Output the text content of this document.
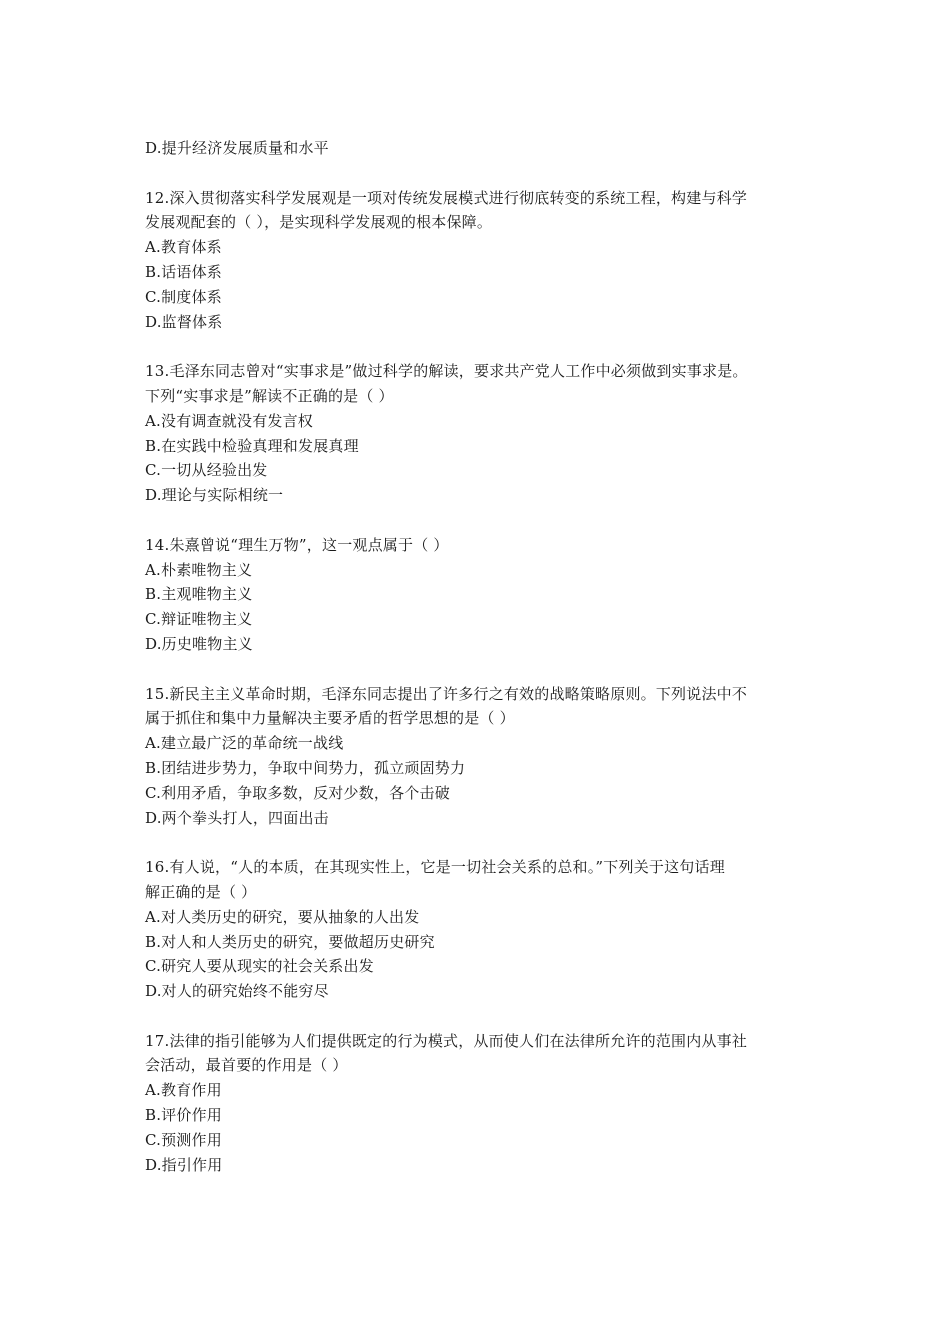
D.提升经济发展质量和水平
12.深入贯彻落实科学发展观是一项对传统发展模式进行彻底转变的系统工程，构建与科学
发展观配套的（ ），是实现科学发展观的根本保障。
A.教育体系
B.话语体系
C.制度体系
D.监督体系
13.毛泽东同志曾对“实事求是”做过科学的解读，要求共产党人工作中必须做到实事求是。
下列“实事求是”解读不正确的是（ ）
A.没有调查就没有发言权
B.在实践中检验真理和发展真理
C.一切从经验出发
D.理论与实际相统一
14.朱熹曾说“理生万物”，这一观点属于（ ）
A.朴素唯物主义
B.主观唯物主义
C.辩证唯物主义
D.历史唯物主义
15.新民主主义革命时期，毛泽东同志提出了许多行之有效的战略策略原则。下列说法中不
属于抓住和集中力量解决主要矛盾的哲学思想的是（ ）
A.建立最广泛的革命统一战线
B.团结进步势力，争取中间势力，孤立顽固势力
C.利用矛盾，争取多数，反对少数，各个击破
D.两个拳头打人，四面出击
16.有人说，“人的本质，在其现实性上，它是一切社会关系的总和。”下列关于这句话理
解正确的是（ ）
A.对人类历史的研究，要从抽象的人出发
B.对人和人类历史的研究，要做超历史研究
C.研究人要从现实的社会关系出发
D.对人的研究始终不能穷尽
17.法律的指引能够为人们提供既定的行为模式，从而使人们在法律所允许的范围内从事社
会活动，最首要的作用是（ ）
A.教育作用
B.评价作用
C.预测作用
D.指引作用
